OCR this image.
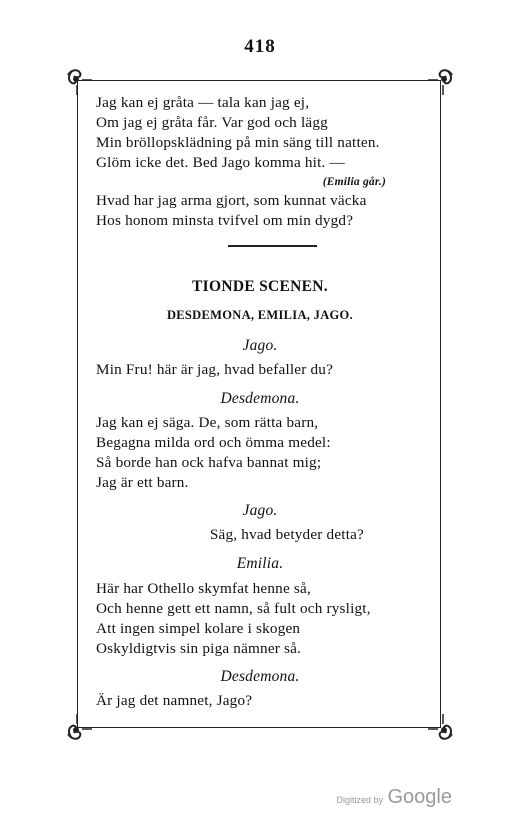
418
Jag kan ej gråta — tala kan jag ej,
Om jag ej gråta får. Var god och lägg
Min bröllopsklädning på min säng till natten.
Glöm icke det. Bed Jago komma hit. —
(Emilia går.)
Hvad har jag arma gjort, som kunnat väcka
Hos honom minsta tvifvel om min dygd?
TIONDE SCENEN.
DESDEMONA, EMILIA, JAGO.
Jago.
Min Fru! här är jag, hvad befaller du?
Desdemona.
Jag kan ej säga. De, som rätta barn,
Begagna milda ord och ömma medel:
Så borde han ock hafva bannat mig;
Jag är ett barn.
Jago.
Säg, hvad betyder detta?
Emilia.
Här har Othello skymfat henne så,
Och henne gett ett namn, så fult och rysligt,
Att ingen simpel kolare i skogen
Oskyldigtvis sin piga nämner så.
Desdemona.
Är jag det namnet, Jago?
Digitized by Google
